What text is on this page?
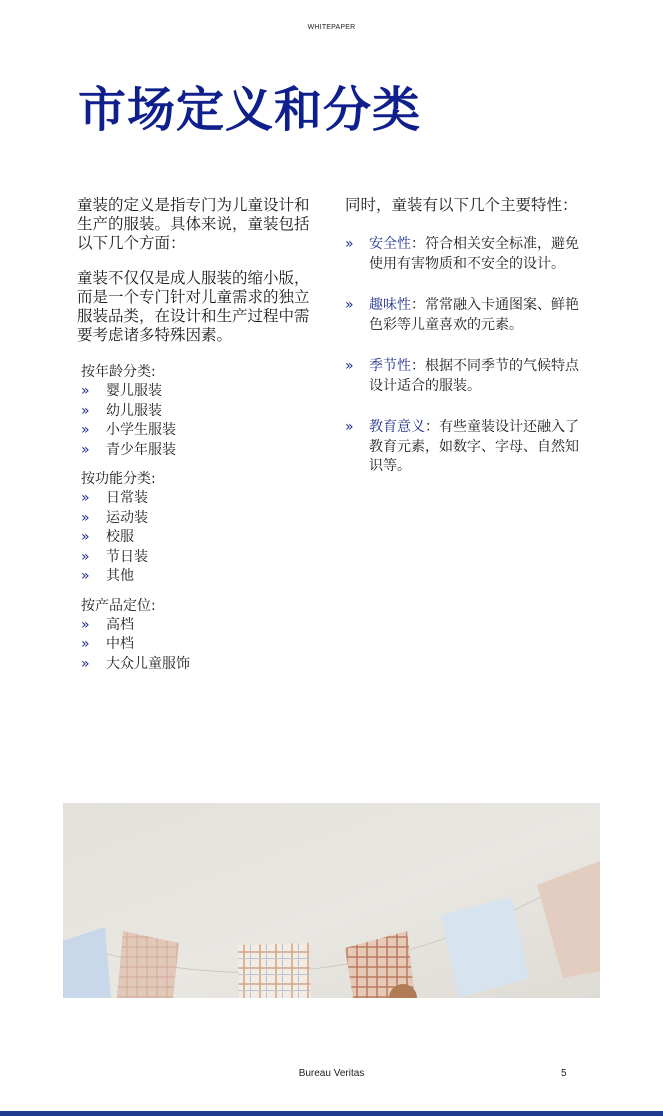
WHITEPAPER
市场定义和分类

童装的定义是指专门为儿童设计和生产的服装。具体来说，童装包括以下几个方面：

童装不仅仅是成人服装的缩小版，而是一个专门针对儿童需求的独立服装品类，在设计和生产过程中需要考虑诸多特殊因素。

按年龄分类:
»	婴儿服装
»	幼儿服装
»	小学生服装
»	青少年服装
按功能分类:
»	日常装
»	运动装
»	校服
»	节日装
»	其他
按产品定位:
»	高档
»	中档
»	大众儿童服饰

同时，童装有以下几个主要特性：

»	安全性：符合相关安全标准，避免使用有害物质和不安全的设计。
»	趣味性：常常融入卡通图案、鲜艳色彩等儿童喜欢的元素。
»	季节性：根据不同季节的气候特点设计适合的服装。
»	教育意义：有些童装设计还融入了教育元素，如数字、字母、自然知识等。
Bureau Veritas	5
